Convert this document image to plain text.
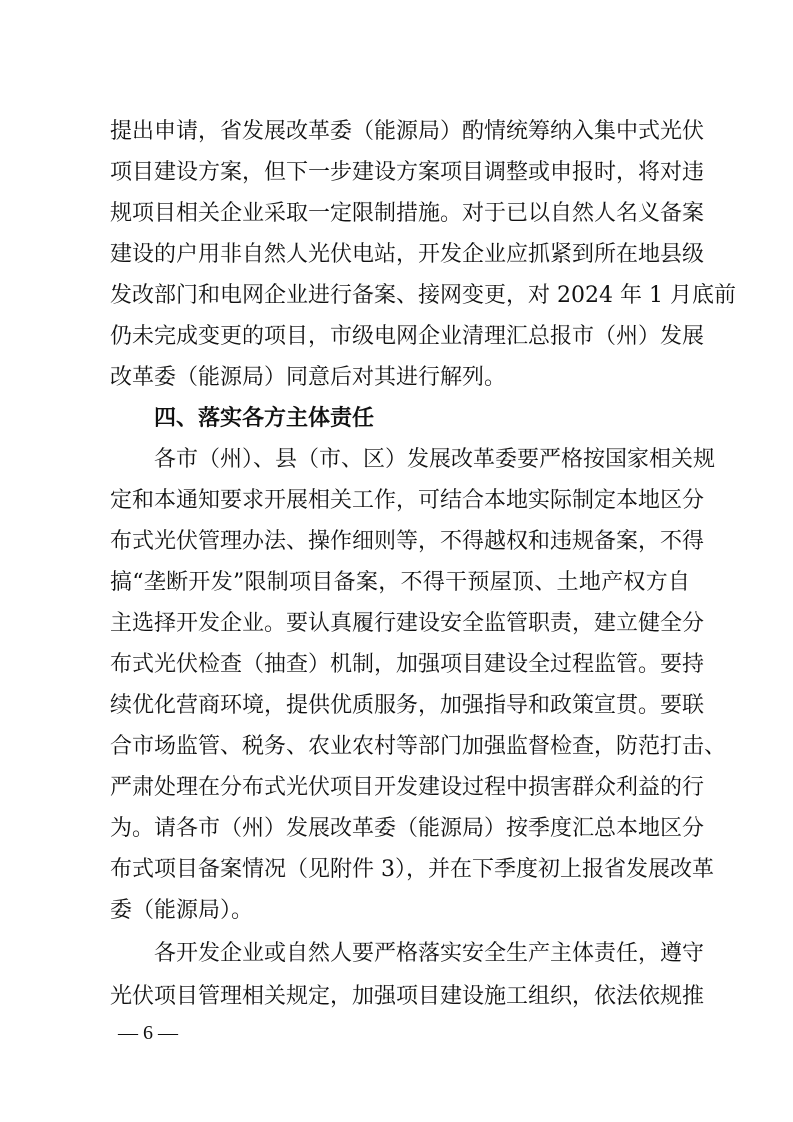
提出申请，省发展改革委（能源局）酌情统筹纳入集中式光伏
项目建设方案，但下一步建设方案项目调整或申报时，将对违
规项目相关企业采取一定限制措施。对于已以自然人名义备案
建设的户用非自然人光伏电站，开发企业应抓紧到所在地县级
发改部门和电网企业进行备案、接网变更，对 2024 年 1 月底前
仍未完成变更的项目，市级电网企业清理汇总报市（州）发展
改革委（能源局）同意后对其进行解列。
四、落实各方主体责任
各市（州）、县（市、区）发展改革委要严格按国家相关规
定和本通知要求开展相关工作，可结合本地实际制定本地区分
布式光伏管理办法、操作细则等，不得越权和违规备案，不得
搞“垄断开发”限制项目备案，不得干预屋顶、土地产权方自
主选择开发企业。要认真履行建设安全监管职责，建立健全分
布式光伏检查（抽查）机制，加强项目建设全过程监管。要持
续优化营商环境，提供优质服务，加强指导和政策宣贯。要联
合市场监管、税务、农业农村等部门加强监督检查，防范打击、
严肃处理在分布式光伏项目开发建设过程中损害群众利益的行
为。请各市（州）发展改革委（能源局）按季度汇总本地区分
布式项目备案情况（见附件 3），并在下季度初上报省发展改革
委（能源局）。
各开发企业或自然人要严格落实安全生产主体责任，遵守
光伏项目管理相关规定，加强项目建设施工组织，依法依规推
— 6 —
